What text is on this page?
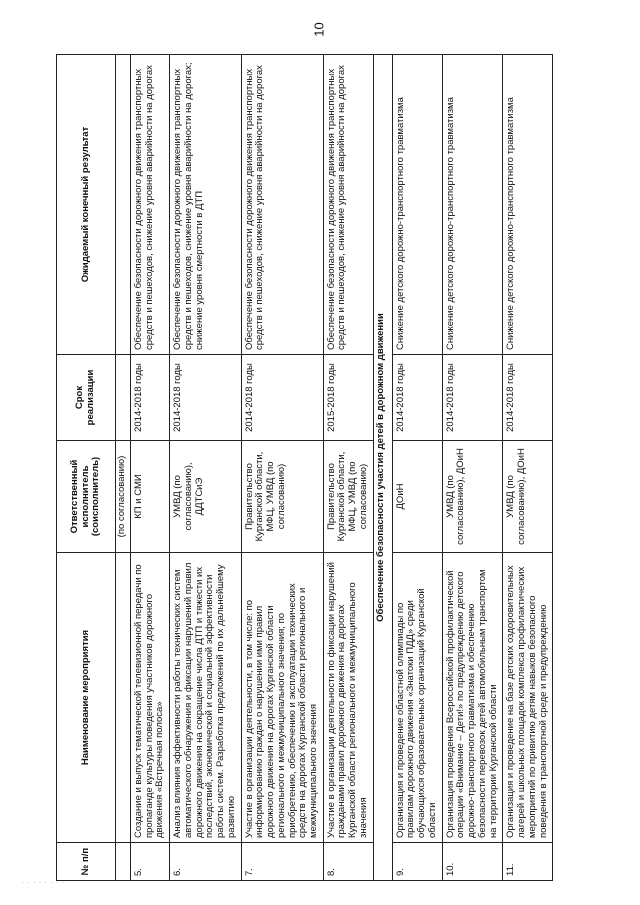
10
№ п/п	Наименование мероприятия	Ответственный исполнитель (соисполнитель)	Срок реализации	Ожидаемый конечный результат
		(по согласованию)		
5.	Создание и выпуск тематической телевизионной передачи по пропаганде культуры поведения участников дорожного движения «Встречная полоса»	КП и СМИ	2014-2018 годы	Обеспечение безопасности дорожного движения транспортных средств и пешеходов, снижение уровня аварийности на дорогах
6.	Анализ влияния эффективности работы технических систем автоматического обнаружения и фиксации нарушений правил дорожного движения на сокращение числа ДТП и тяжести их последствий, экономической и социальной эффективности работы систем. Разработка предложений по их дальнейшему развитию	УМВД (по согласованию), ДДТСиЭ	2014-2018 годы	Обеспечение безопасности дорожного движения транспортных средств и пешеходов, снижение уровня аварийности на дорогах; снижение уровня смертности в ДТП
7.	Участие в организации деятельности, в том числе: по информированию граждан о нарушении ими правил дорожного движения на дорогах Курганской области регионального и межмуниципального значения; по приобретению, обеспечению и эксплуатации технических средств на дорогах Курганской области регионального и межмуниципального значения	Правительство Курганской области, МФЦ, УМВД (по согласованию)	2014-2018 годы	Обеспечение безопасности дорожного движения транспортных средств и пешеходов, снижение уровня аварийности на дорогах
8.	Участие в организации деятельности по фиксации нарушений гражданами правил дорожного движения на дорогах Курганской области регионального и межмуниципального значения	Правительство Курганской области, МФЦ, УМВД (по согласованию)	2015-2018 годы	Обеспечение безопасности дорожного движения транспортных средств и пешеходов, снижение уровня аварийности на дорогах
Обеспечение безопасности участия детей в дорожном движении				
9.	Организация и проведение областной олимпиады по правилам дорожного движения «Знатоки ПДД» среди обучающихся образовательных организаций Курганской области	ДОиН	2014-2018 годы	Снижение детского дорожно-транспортного травматизма
10.	Организация проведения Всероссийской профилактической операции «Внимание – Дети!» по предупреждению детского дорожно-транспортного травматизма и обеспечению безопасности перевозок детей автомобильным транспортом на территории Курганской области	УМВД (по согласованию), ДОиН	2014-2018 годы	Снижение детского дорожно-транспортного травматизма
11.	Организация и проведение на базе детских оздоровительных лагерей и школьных площадок комплекса профилактических мероприятий по привитию детям навыков безопасного поведения в транспортной среде и предупреждению	УМВД (по согласованию), ДОиН	2014-2018 годы	Снижение детского дорожно-транспортного травматизма
· · · · · · · ·
